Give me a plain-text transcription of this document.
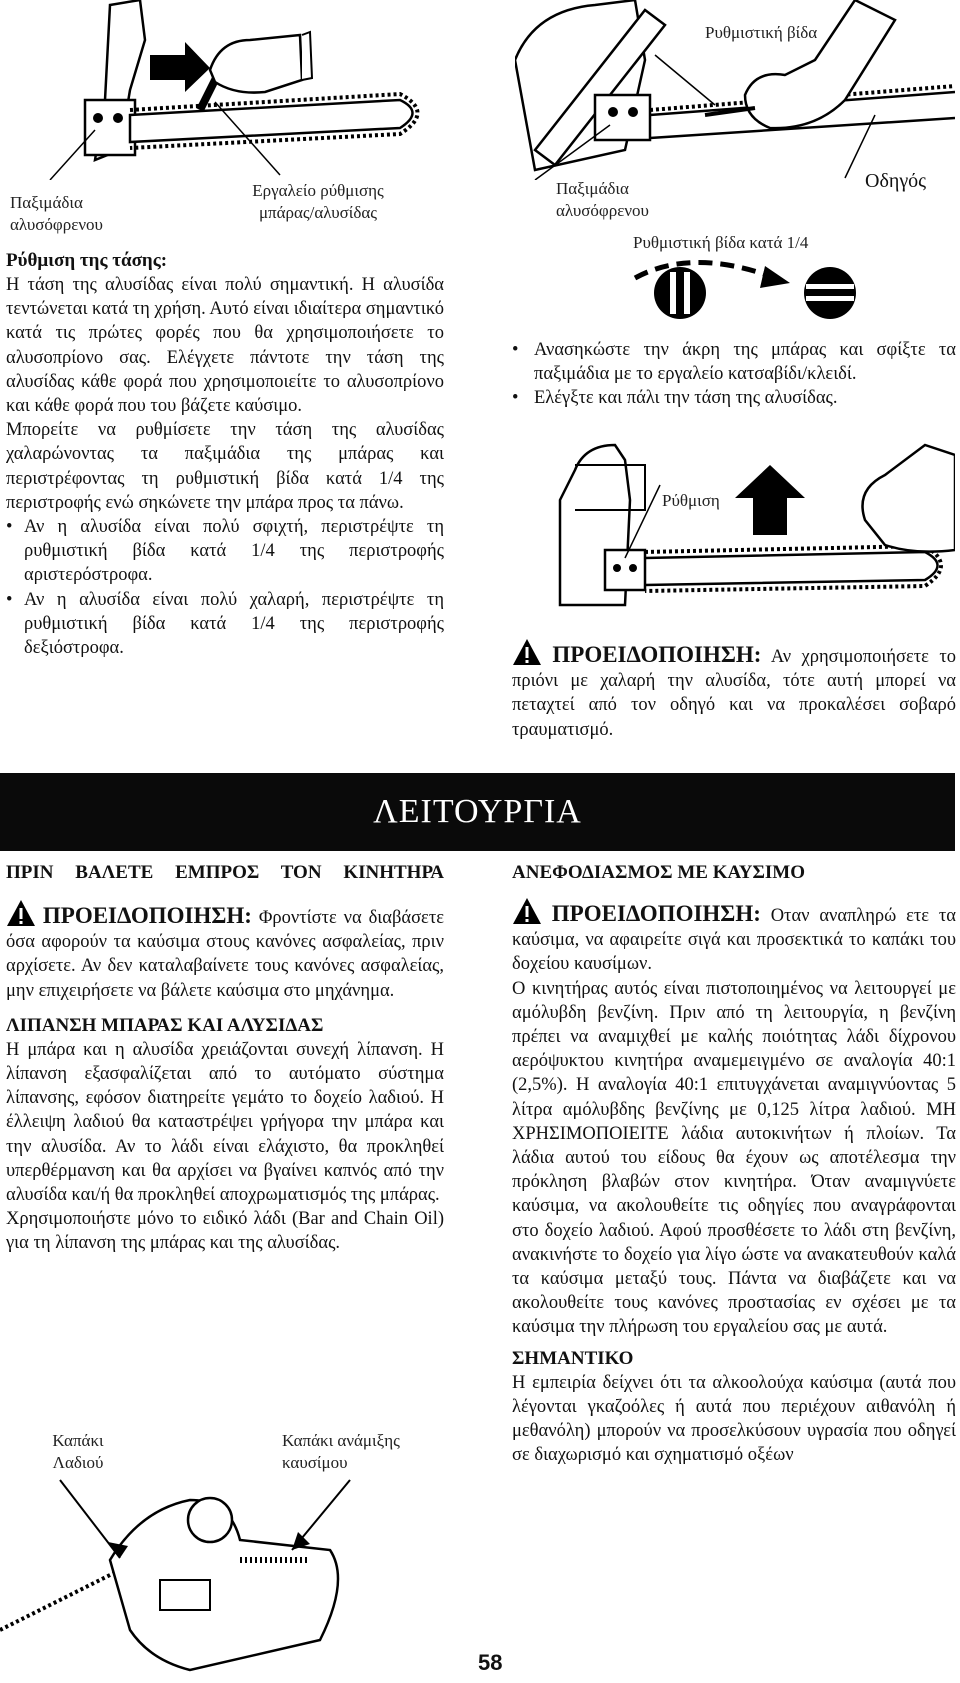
Εργαλείο ρύθμισης μπάρας/αλυσίδας
Παξιμάδια αλυσόφρενου
Ρύθμιση της τάσης:
Η τάση της αλυσίδας είναι πολύ σημαντική. Η αλυσίδα τεντώνεται κατά τη χρήση. Αυτό είναι ιδιαίτερα σημαντικό κατά τις πρώτες φορές που θα χρησιμοποιήσετε το αλυσοπρίονο σας. Ελέγχετε πάντοτε την τάση της αλυσίδας κάθε φορά που χρησιμοποιείτε το αλυσοπρίονο και κάθε φορά που του βάζετε καύσιμο.
Μπορείτε να ρυθμίσετε την τάση της αλυσίδας χαλαρώνοντας τα παξιμάδια της μπάρας και περιστρέφοντας τη ρυθμιστική βίδα κατά 1/4 της περιστροφής ενώ σηκώνετε την μπάρα προς τα πάνω.
• Αν η αλυσίδα είναι πολύ σφιχτή, περιστρέψτε τη ρυθμιστική βίδα κατά 1/4 της περιστροφής αριστερόστροφα.
• Αν η αλυσίδα είναι πολύ χαλαρή, περιστρέψτε τη ρυθμιστική βίδα κατά 1/4 της περιστροφής δεξιόστροφα.
Ρυθμιστική βίδα
Παξιμάδια αλυσόφρενου
Οδηγός
Ρυθμιστική βίδα κατά 1/4
• Ανασηκώστε την άκρη της μπάρας και σφίξτε τα παξιμάδια με το εργαλείο κατσαβίδι/κλειδί.
• Ελέγξτε και πάλι την τάση της αλυσίδας.
Ρύθμιση
ΠΡΟΕΙΔΟΠΟΙΗΣΗ: Αν χρησιμοποιήσετε το πριόνι με χαλαρή την αλυσίδα, τότε αυτή μπορεί να πεταχτεί από τον οδηγό και να προκαλέσει σοβαρό τραυματισμό.
ΛΕΙΤΟΥΡΓΙΑ
ΠΡΙΝ ΒΑΛΕΤΕ ΕΜΠΡΟΣ ΤΟΝ ΚΙΝΗΤΗΡΑ
ΠΡΟΕΙΔΟΠΟΙΗΣΗ: Φροντίστε να διαβάσετε όσα αφορούν τα καύσιμα στους κανόνες ασφαλείας, πριν αρχίσετε. Αν δεν καταλαβαίνετε τους κανόνες ασφαλείας, μην επιχειρήσετε να βάλετε καύσιμα στο μηχάνημα.
ΛΙΠΑΝΣΗ ΜΠΑΡΑΣ ΚΑΙ ΑΛΥΣΙΔΑΣ
Η μπάρα και η αλυσίδα χρειάζονται συνεχή λίπανση. Η λίπανση εξασφαλίζεται από το αυτόματο σύστημα λίπανσης, εφόσον διατηρείτε γεμάτο το δοχείο λαδιού. Η έλλειψη λαδιού θα καταστρέψει γρήγορα την μπάρα και την αλυσίδα. Αν το λάδι είναι ελάχιστο, θα προκληθεί υπερθέρμανση και θα αρχίσει να βγαίνει καπνός από την αλυσίδα και/ή θα προκληθεί αποχρωματισμός της μπάρας.
Χρησιμοποιήστε μόνο το ειδικό λάδι (Bar and Chain Oil) για τη λίπανση της μπάρας και της αλυσίδας.
Καπάκι Λαδιού
Καπάκι ανάμιξης καυσίμου
ΑΝΕΦΟΔΙΑΣΜΟΣ ΜΕ ΚΑΥΣΙΜΟ
ΠΡΟΕΙΔΟΠΟΙΗΣΗ: Οταν αναπληρώ ετε τα καύσιμα, να αφαιρείτε σιγά και προσεκτικά το καπάκι του δοχείου καυσίμων.
Ο κινητήρας αυτός είναι πιστοποιημένος να λειτουργεί με αμόλυβδη βενζίνη. Πριν από τη λειτουργία, η βενζίνη πρέπει να αναμιχθεί με καλής ποιότητας λάδι δίχρονου αερόψυκτου κινητήρα αναμεμειγμένο σε αναλογία 40:1 (2,5%). Η αναλογία 40:1 επιτυγχάνεται αναμιγνύοντας 5 λίτρα αμόλυβδης βενζίνης με 0,125 λίτρα λαδιού. ΜΗ ΧΡΗΣΙΜΟΠΟΙΕΙΤΕ λάδια αυτοκινήτων ή πλοίων. Τα λάδια αυτού του είδους θα έχουν ως αποτέλεσμα την πρόκληση βλαβών στον κινητήρα. Όταν αναμιγνύετε καύσιμα, να ακολουθείτε τις οδηγίες που αναγράφονται στο δοχείο λαδιού. Αφού προσθέσετε το λάδι στη βενζίνη, ανακινήστε το δοχείο για λίγο ώστε να ανακατευθούν καλά τα καύσιμα μεταξύ τους. Πάντα να διαβάζετε και να ακολουθείτε τους κανόνες προστασίας εν σχέσει με τα καύσιμα την πλήρωση του εργαλείου σας με αυτά.
ΣΗΜΑΝΤΙΚΟ
Η εμπειρία δείχνει ότι τα αλκοολούχα καύσιμα (αυτά που λέγονται γκαζοόλες ή αυτά που περιέχουν αιθανόλη ή μεθανόλη) μπορούν να προσελκύσουν υγρασία που οδηγεί σε διαχωρισμό και σχηματισμό οξέων
58
